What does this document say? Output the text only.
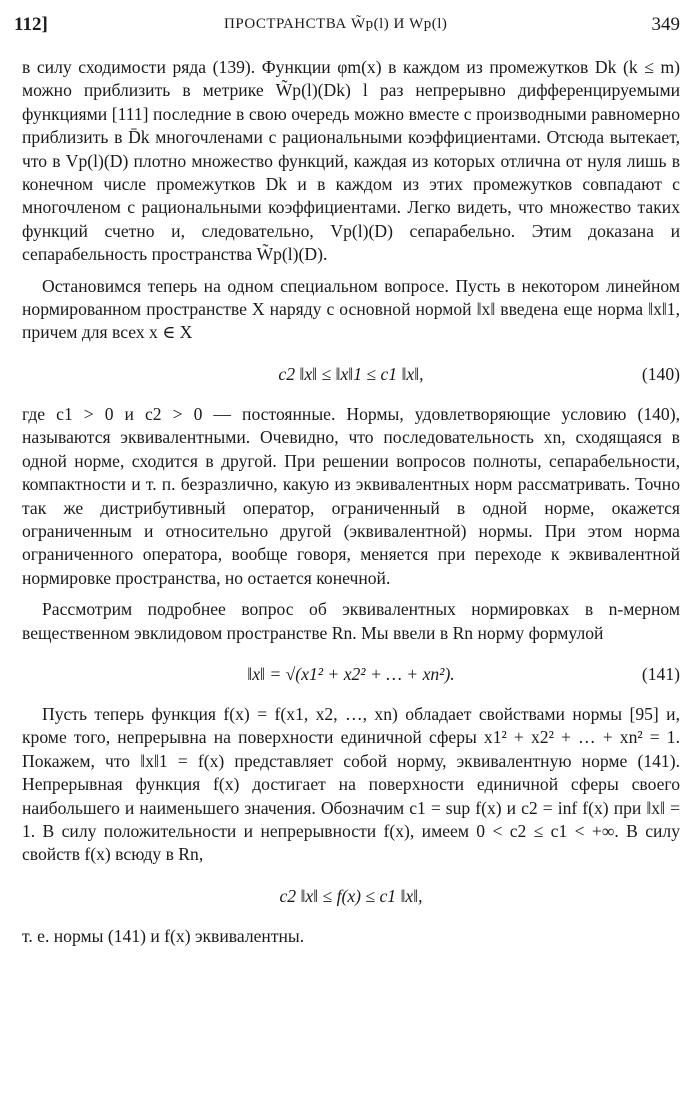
112]	ПРОСТРАНСТВА W̃p(l) И Wp(l)	349

в силу сходимости ряда (139). Функции φm(x) в каждом из промежутков Dk (k ≤ m) можно приблизить в метрике W̃p(l)(Dk) l раз непрерывно дифференцируемыми функциями [111] последние в свою очередь можно вместе с производными равномерно приблизить в D̄k многочленами с рациональными коэффициентами. Отсюда вытекает, что в Vp(l)(D) плотно множество функций, каждая из которых отлична от нуля лишь в конечном числе промежутков Dk и в каждом из этих промежутков совпадают с многочленом с рациональными коэффициентами. Легко видеть, что множество таких функций счетно и, следовательно, Vp(l)(D) сепарабельно. Этим доказана и сепарабельность пространства W̃p(l)(D).

Остановимся теперь на одном специальном вопросе. Пусть в некотором линейном нормированном пространстве X наряду с основной нормой ‖x‖ введена еще норма ‖x‖1, причем для всех x ∈ X

c2 ‖x‖ ≤ ‖x‖1 ≤ c1 ‖x‖,	(140)

где c1 > 0 и c2 > 0 — постоянные. Нормы, удовлетворяющие условию (140), называются эквивалентными. Очевидно, что последовательность xn, сходящаяся в одной норме, сходится в другой. При решении вопросов полноты, сепарабельности, компактности и т. п. безразлично, какую из эквивалентных норм рассматривать. Точно так же дистрибутивный оператор, ограниченный в одной норме, окажется ограниченным и относительно другой (эквивалентной) нормы. При этом норма ограниченного оператора, вообще говоря, меняется при переходе к эквивалентной нормировке пространства, но остается конечной.

Рассмотрим подробнее вопрос об эквивалентных нормировках в n-мерном вещественном эвклидовом пространстве Rn. Мы ввели в Rn норму формулой

‖x‖ = √(x1² + x2² + … + xn²).	(141)

Пусть теперь функция f(x) = f(x1, x2, …, xn) обладает свойствами нормы [95] и, кроме того, непрерывна на поверхности единичной сферы x1² + x2² + … + xn² = 1. Покажем, что ‖x‖1 = f(x) представляет собой норму, эквивалентную норме (141). Непрерывная функция f(x) достигает на поверхности единичной сферы своего наибольшего и наименьшего значения. Обозначим c1 = sup f(x) и c2 = inf f(x) при ‖x‖ = 1. В силу положительности и непрерывности f(x), имеем 0 < c2 ≤ c1 < +∞. В силу свойств f(x) всюду в Rn,

c2 ‖x‖ ≤ f(x) ≤ c1 ‖x‖,

т. е. нормы (141) и f(x) эквивалентны.
